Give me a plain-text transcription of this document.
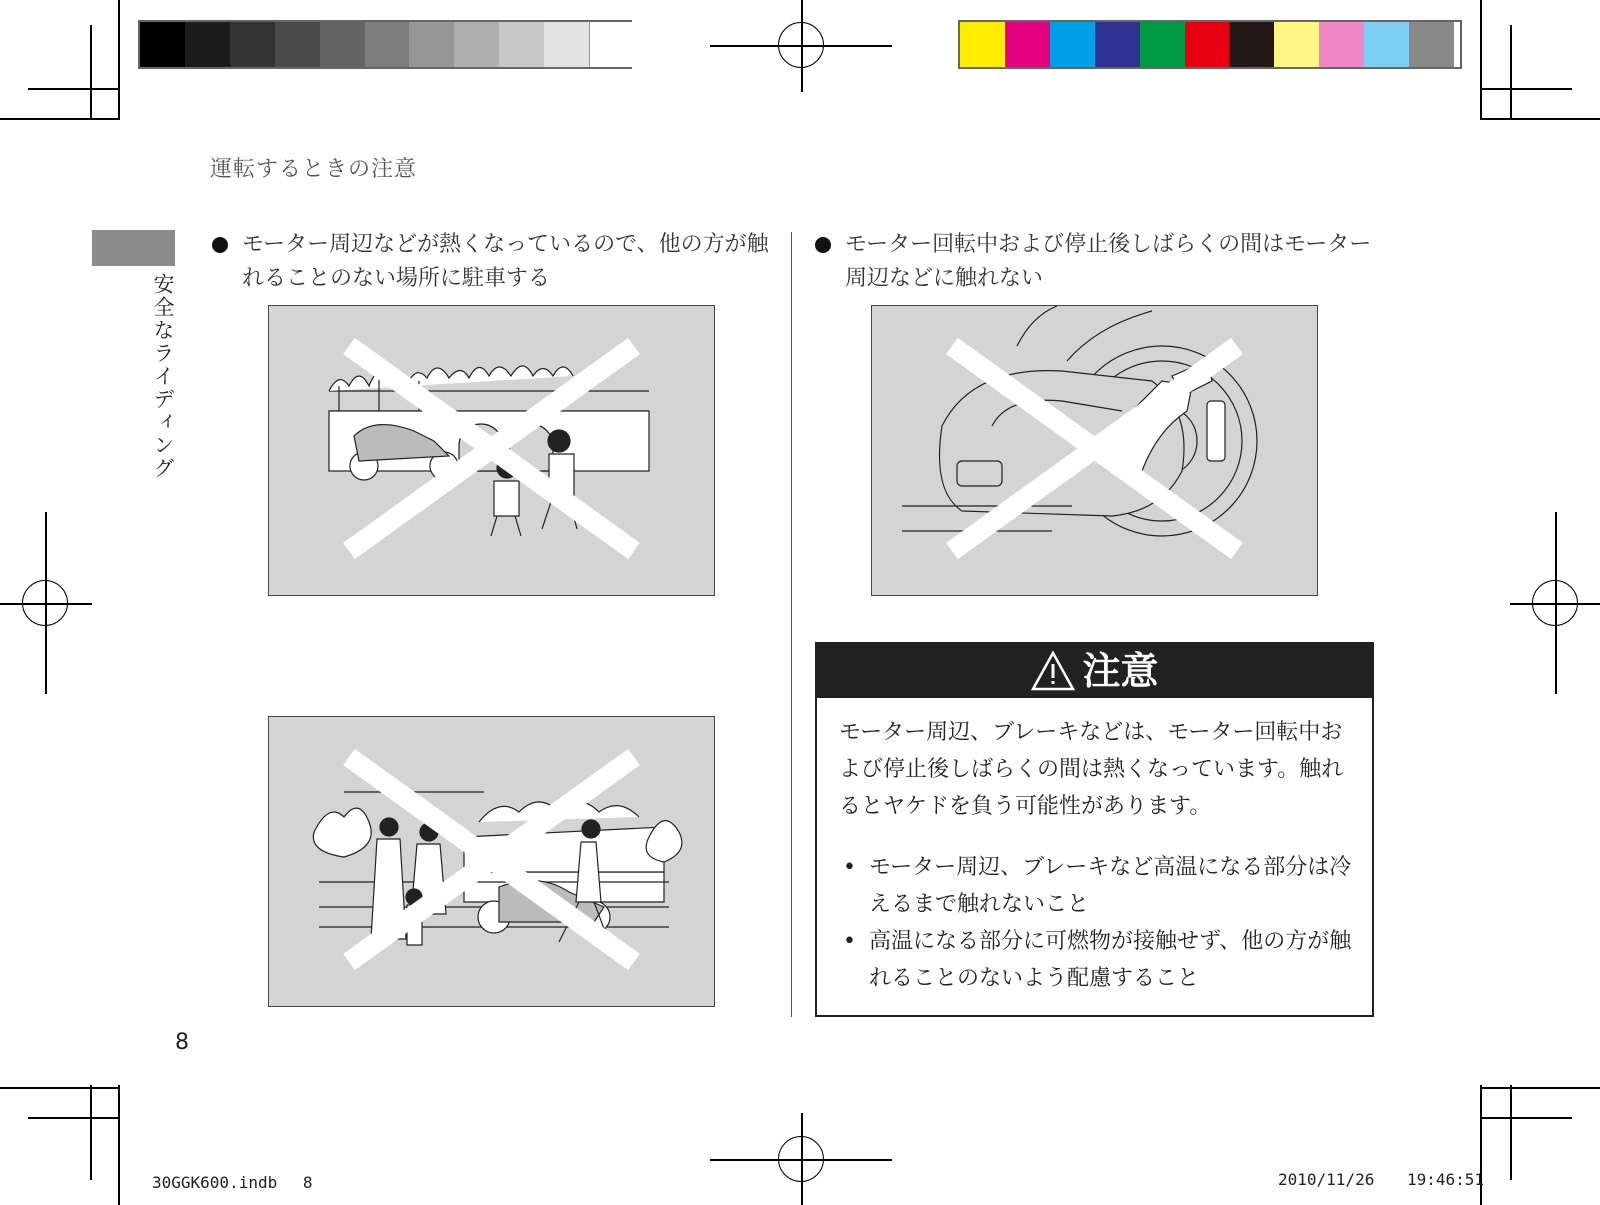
運転するときの注意
安全なライディング
モーター周辺などが熱くなっているので、他の方が触れることのない場所に駐車する
モーター回転中および停止後しばらくの間はモーター周辺などに触れない
注意
モーター周辺、ブレーキなどは、モーター回転中および停止後しばらくの間は熱くなっています。触れるとヤケドを負う可能性があります。
• モーター周辺、ブレーキなど高温になる部分は冷えるまで触れないこと
• 高温になる部分に可燃物が接触せず、他の方が触れることのないよう配慮すること
8
30GGK600.indb　 8	2010/11/26 19:46:51
